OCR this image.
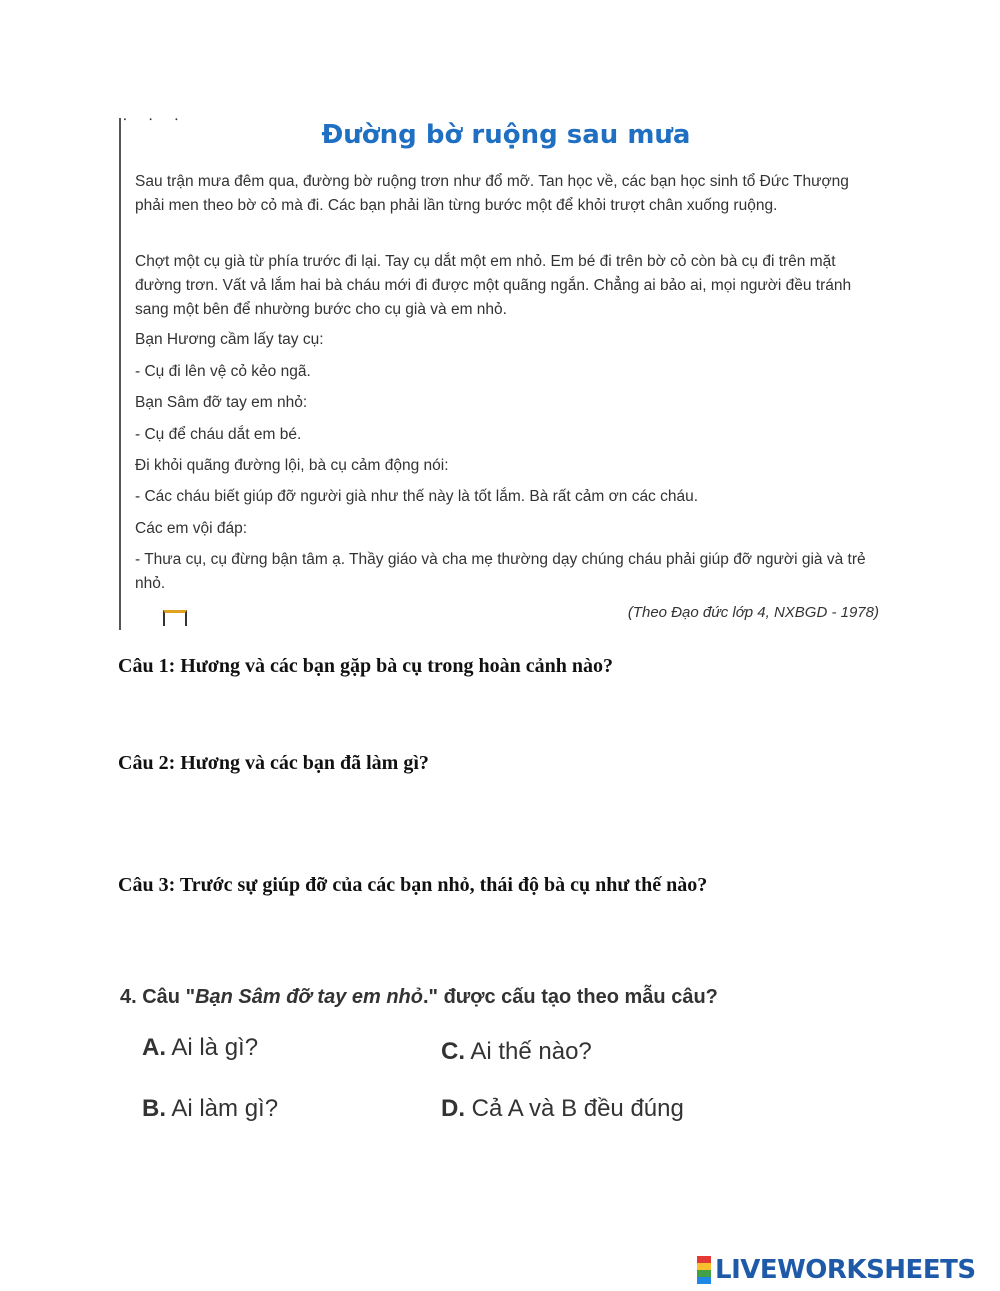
⸱⸱⸱
Đường bờ ruộng sau mưa

Sau trận mưa đêm qua, đường bờ ruộng trơn như đổ mỡ. Tan học về, các bạn học sinh tổ Đức Thượng phải men theo bờ cỏ mà đi. Các bạn phải lần từng bước một để khỏi trượt chân xuống ruộng.

Chợt một cụ già từ phía trước đi lại. Tay cụ dắt một em nhỏ. Em bé đi trên bờ cỏ còn bà cụ đi trên mặt đường trơn. Vất vả lắm hai bà cháu mới đi được một quãng ngắn. Chẳng ai bảo ai, mọi người đều tránh sang một bên để nhường bước cho cụ già và em nhỏ.

Bạn Hương cầm lấy tay cụ:

- Cụ đi lên vệ cỏ kẻo ngã.

Bạn Sâm đỡ tay em nhỏ:

- Cụ để cháu dắt em bé.

Đi khỏi quãng đường lội, bà cụ cảm động nói:

- Các cháu biết giúp đỡ người già như thế này là tốt lắm. Bà rất cảm ơn các cháu.

Các em vội đáp:

- Thưa cụ, cụ đừng bận tâm ạ. Thầy giáo và cha mẹ thường dạy chúng cháu phải giúp đỡ người già và trẻ nhỏ.

(Theo Đạo đức lớp 4, NXBGD - 1978)

Câu 1: Hương và các bạn gặp bà cụ trong hoàn cảnh nào?

Câu 2: Hương và các bạn đã làm gì?

Câu 3: Trước sự giúp đỡ của các bạn nhỏ, thái độ bà cụ như thế nào?

4. Câu "Bạn Sâm đỡ tay em nhỏ." được cấu tạo theo mẫu câu?
A. Ai là gì?	C. Ai thế nào?
B. Ai làm gì?	D. Cả A và B đều đúng
LIVEWORKSHEETS
